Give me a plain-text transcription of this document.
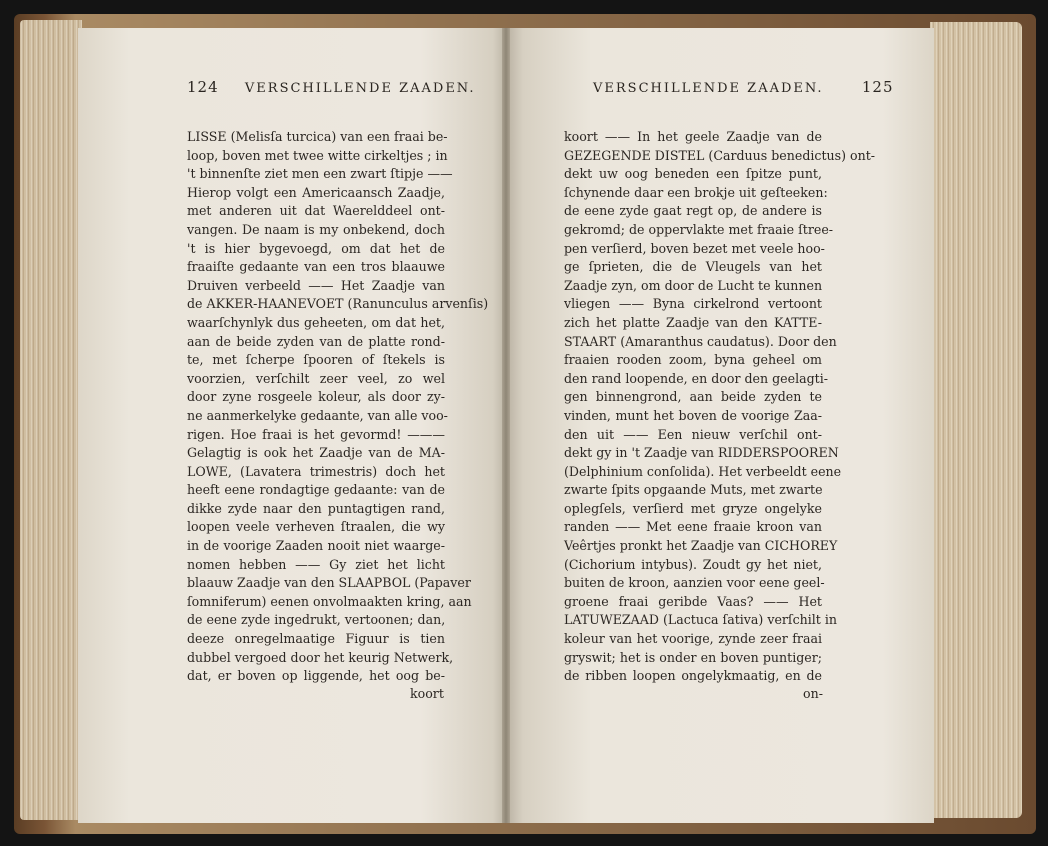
124 VERSCHILLENDE ZAADEN.	VERSCHILLENDE ZAADEN.	125
LISSE (Melisſa turcica) van een fraai be-
loop, boven met twee witte cirkeltjes ; in
't binnenſte ziet men een zwart ſtipje ——
Hierop volgt een Americaansch Zaadje,
met anderen uit dat Waerelddeel ont-
vangen. De naam is my onbekend, doch
't is hier bygevoegd, om dat het de
fraaiſte gedaante van een tros blaauwe
Druiven verbeeld —— Het Zaadje van
de AKKER-HAANEVOET (Ranunculus arvenſis)
waarſchynlyk dus geheeten, om dat het,
aan de beide zyden van de platte rond-
te, met ſcherpe ſpooren of ſtekels is
voorzien, verſchilt zeer veel, zo wel
door zyne rosgeele koleur, als door zy-
ne aanmerkelyke gedaante, van alle voo-
rigen. Hoe fraai is het gevormd! ———
Gelagtig is ook het Zaadje van de MA-
LOWE, (Lavatera trimestris) doch het
heeft eene rondagtige gedaante: van de
dikke zyde naar den puntagtigen rand,
loopen veele verheven ſtraalen, die wy
in de voorige Zaaden nooit niet waarge-
nomen hebben —— Gy ziet het licht
blaauw Zaadje van den SLAAPBOL (Papaver
ſomniferum) eenen onvolmaakten kring, aan
de eene zyde ingedrukt, vertoonen; dan,
deeze onregelmaatige Figuur is tien
dubbel vergoed door het keurig Netwerk,
dat, er boven op liggende, het oog be-
koort

koort —— In het geele Zaadje van de
GEZEGENDE DISTEL (Carduus benedictus) ont-
dekt uw oog beneden een ſpitze punt,
ſchynende daar een brokje uit geſteeken:
de eene zyde gaat regt op, de andere is
gekromd; de oppervlakte met fraaie ſtree-
pen verſierd, boven bezet met veele hoo-
ge ſprieten, die de Vleugels van het
Zaadje zyn, om door de Lucht te kunnen
vliegen —— Byna cirkelrond vertoont
zich het platte Zaadje van den KATTE-
STAART (Amaranthus caudatus). Door den
fraaien rooden zoom, byna geheel om
den rand loopende, en door den geelagti-
gen binnengrond, aan beide zyden te
vinden, munt het boven de voorige Zaa-
den uit —— Een nieuw verſchil ont-
dekt gy in 't Zaadje van RIDDERSPOOREN
(Delphinium conſolida). Het verbeeldt eene
zwarte ſpits opgaande Muts, met zwarte
oplegſels, verſierd met gryze ongelyke
randen —— Met eene fraaie kroon van
Veêrtjes pronkt het Zaadje van CICHOREY
(Cichorium intybus). Zoudt gy het niet,
buiten de kroon, aanzien voor eene geel-
groene fraai geribde Vaas? —— Het
LATUWEZAAD (Lactuca ſativa) verſchilt in
koleur van het voorige, zynde zeer fraai
gryswit; het is onder en boven puntiger;
de ribben loopen ongelykmaatig, en de
on-
